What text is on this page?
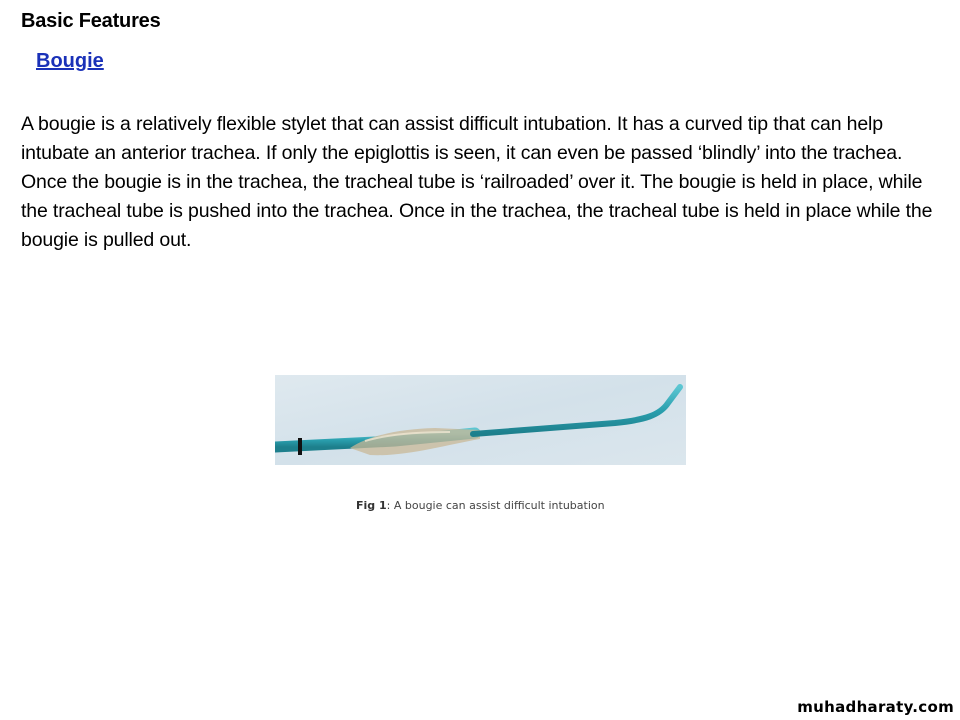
Basic Features
Bougie

A bougie is a relatively flexible stylet that can assist difficult intubation. It has a curved tip that can help intubate an anterior trachea. If only the epiglottis is seen, it can even be passed ‘blindly’ into the trachea.

Once the bougie is in the trachea, the tracheal tube is ‘railroaded’ over it. The bougie is held in place, while the tracheal tube is pushed into the trachea. Once in the trachea, the tracheal tube is held in place while the bougie is pulled out.

Fig 1: A bougie can assist difficult intubation
muhadharaty.com
